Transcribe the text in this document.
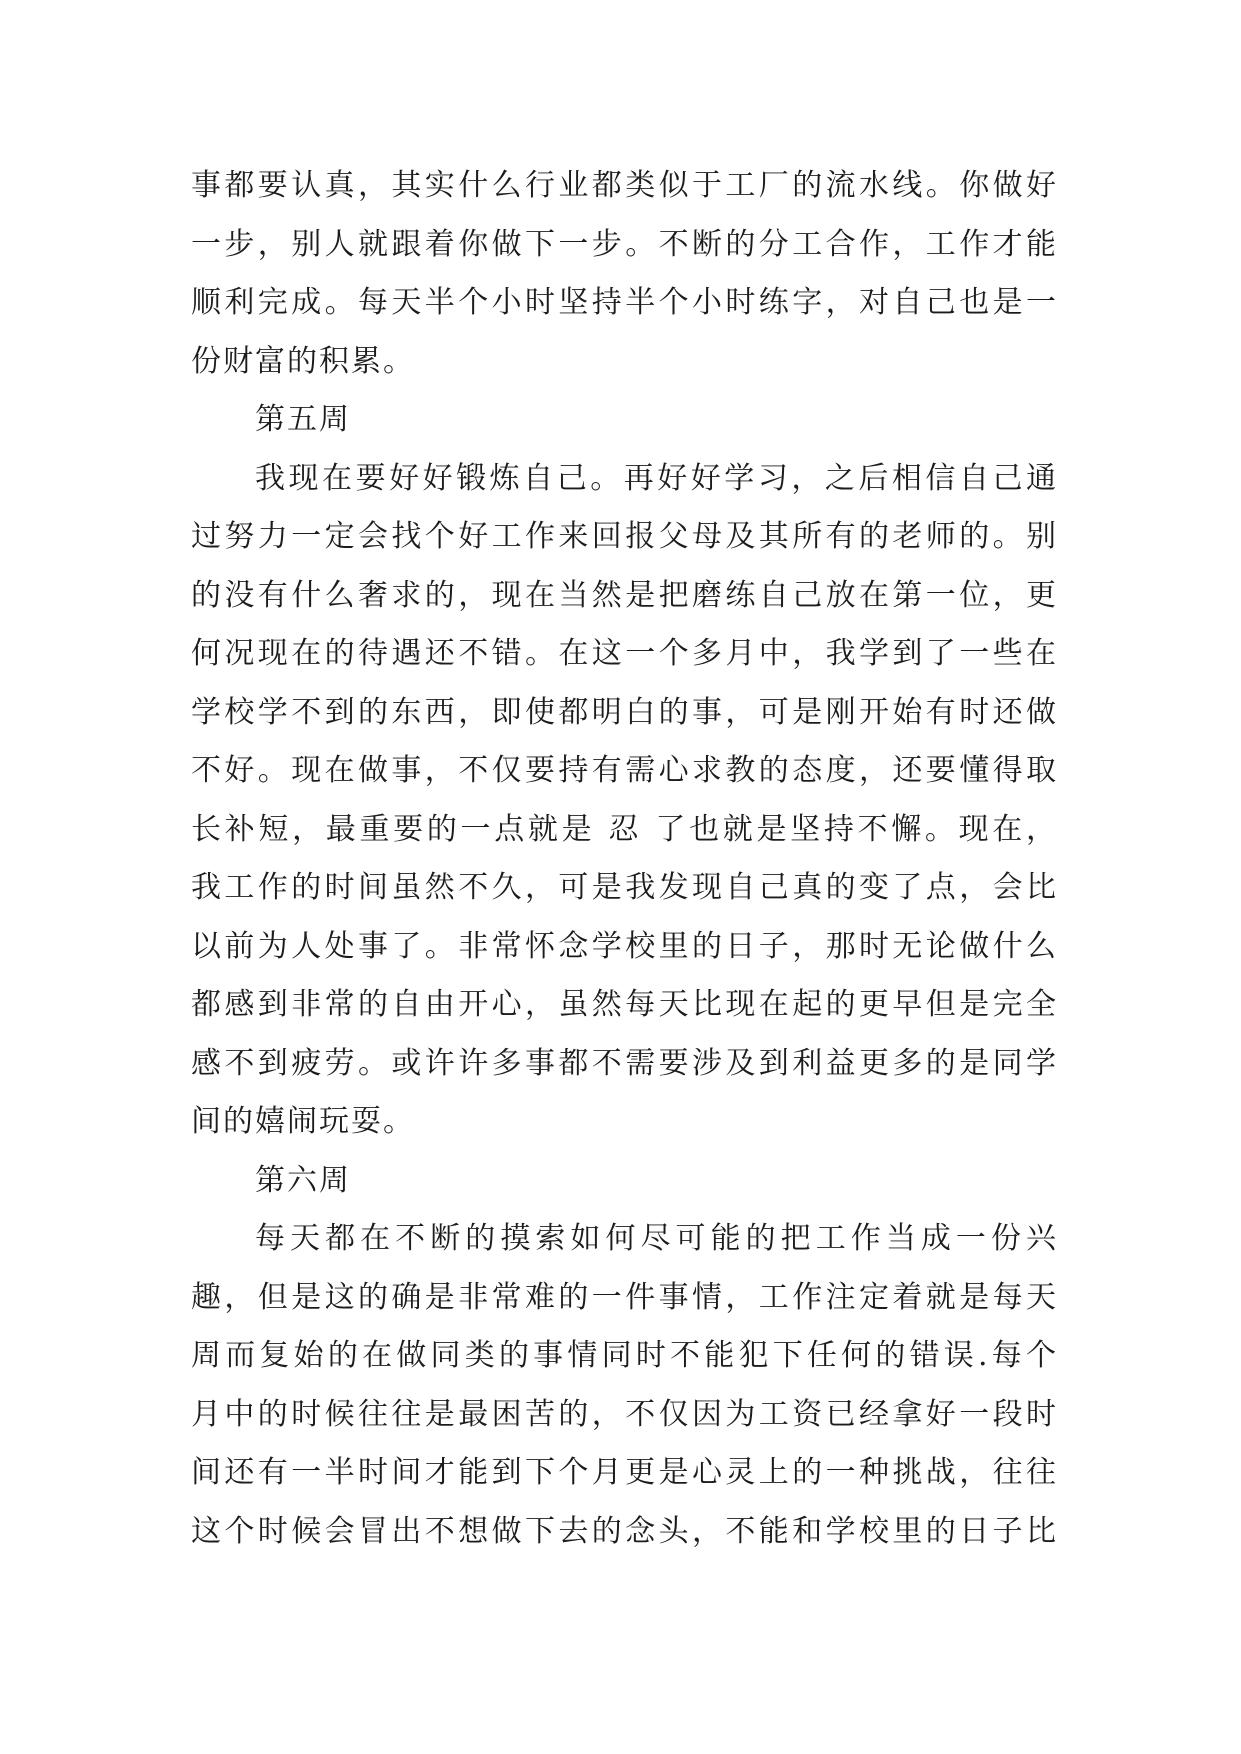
事都要认真，其实什么行业都类似于工厂的流水线。你做好
一步，别人就跟着你做下一步。不断的分工合作，工作才能
顺利完成。每天半个小时坚持半个小时练字，对自己也是一
份财富的积累。
第五周
我现在要好好锻炼自己。再好好学习，之后相信自己通
过努力一定会找个好工作来回报父母及其所有的老师的。别
的没有什么奢求的，现在当然是把磨练自己放在第一位，更
何况现在的待遇还不错。在这一个多月中，我学到了一些在
学校学不到的东西，即使都明白的事，可是刚开始有时还做
不好。现在做事，不仅要持有需心求教的态度，还要懂得取
长补短，最重要的一点就是 忍 了也就是坚持不懈。现在，
我工作的时间虽然不久，可是我发现自己真的变了点，会比
以前为人处事了。非常怀念学校里的日子，那时无论做什么
都感到非常的自由开心，虽然每天比现在起的更早但是完全
感不到疲劳。或许许多事都不需要涉及到利益更多的是同学
间的嬉闹玩耍。
第六周
每天都在不断的摸索如何尽可能的把工作当成一份兴
趣，但是这的确是非常难的一件事情，工作注定着就是每天
周而复始的在做同类的事情同时不能犯下任何的错误.每个
月中的时候往往是最困苦的，不仅因为工资已经拿好一段时
间还有一半时间才能到下个月更是心灵上的一种挑战，往往
这个时候会冒出不想做下去的念头，不能和学校里的日子比
